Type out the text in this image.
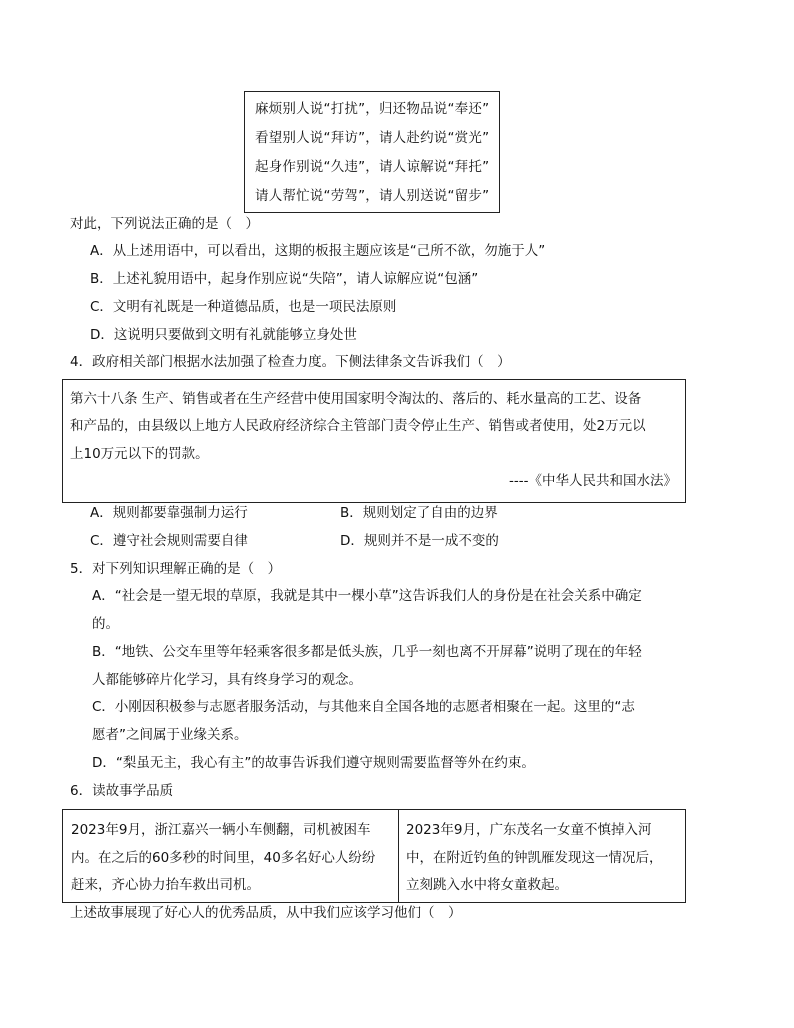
麻烦别人说“打扰”，归还物品说“奉还”
看望别人说“拜访”，请人赴约说“赏光”
起身作别说“久违”，请人谅解说“拜托”
请人帮忙说“劳驾”，请人别送说“留步”
对此，下列说法正确的是（　）
A．从上述用语中，可以看出，这期的板报主题应该是“己所不欲，勿施于人”
B．上述礼貌用语中，起身作别应说“失陪”，请人谅解应说“包涵”
C．文明有礼既是一种道德品质，也是一项民法原则
D．这说明只要做到文明有礼就能够立身处世
4．政府相关部门根据水法加强了检查力度。下侧法律条文告诉我们（　）
第六十八条 生产、销售或者在生产经营中使用国家明令淘汰的、落后的、耗水量高的工艺、设备
和产品的，由县级以上地方人民政府经济综合主管部门责令停止生产、销售或者使用，处2万元以
上10万元以下的罚款。
----《中华人民共和国水法》
A．规则都要靠强制力运行	B．规则划定了自由的边界
C．遵守社会规则需要自律	D．规则并不是一成不变的
5．对下列知识理解正确的是（　）
A．“社会是一望无垠的草原，我就是其中一棵小草”这告诉我们人的身份是在社会关系中确定
的。
B．“地铁、公交车里等年轻乘客很多都是低头族，几乎一刻也离不开屏幕”说明了现在的年轻
人都能够碎片化学习，具有终身学习的观念。
C．小刚因积极参与志愿者服务活动，与其他来自全国各地的志愿者相聚在一起。这里的“志
愿者”之间属于业缘关系。
D．“梨虽无主，我心有主”的故事告诉我们遵守规则需要监督等外在约束。
6．读故事学品质
2023年9月，浙江嘉兴一辆小车侧翻，司机被困车
内。在之后的60多秒的时间里，40多名好心人纷纷
赶来，齐心协力抬车救出司机。
2023年9月，广东茂名一女童不慎掉入河
中，在附近钓鱼的钟凯雁发现这一情况后，
立刻跳入水中将女童救起。
上述故事展现了好心人的优秀品质，从中我们应该学习他们（　）
